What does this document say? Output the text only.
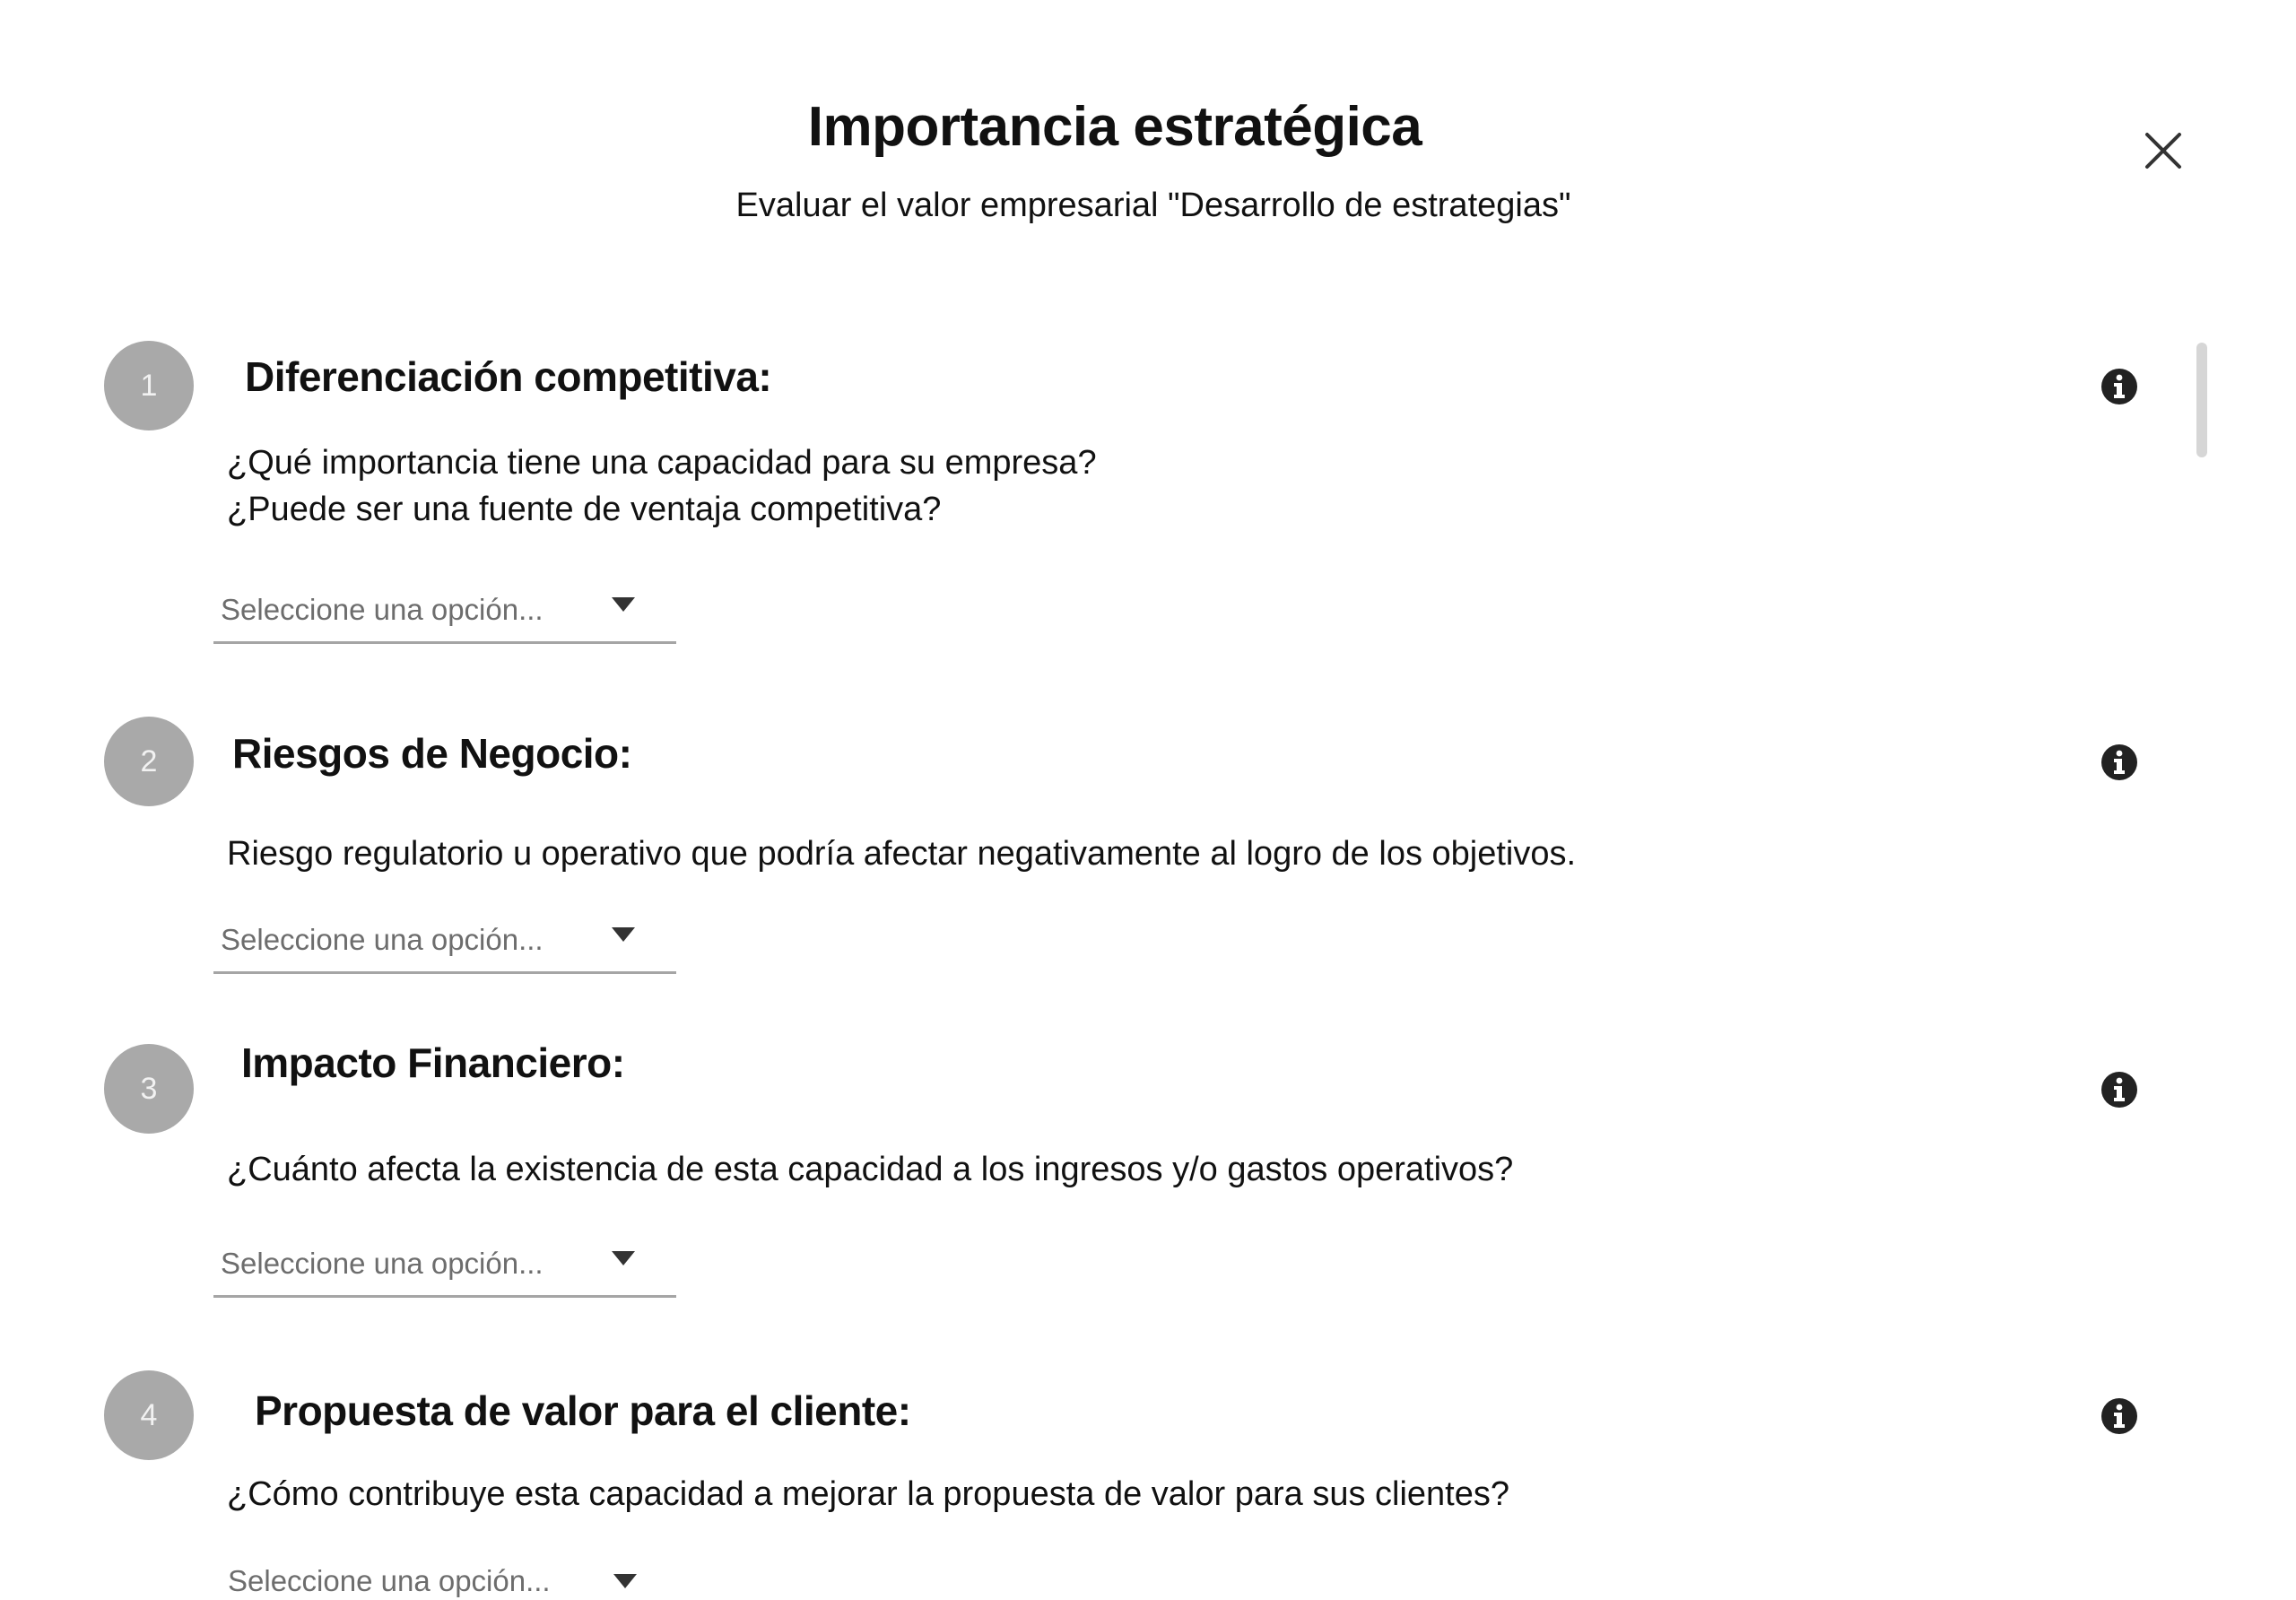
Importancia estratégica

Evaluar el valor empresarial "Desarrollo de estrategias"

1	Diferenciación competitiva:

¿Qué importancia tiene una capacidad para su empresa?

¿Puede ser una fuente de ventaja competitiva?

Seleccione una opción...
2	Riesgos de Negocio:

Riesgo regulatorio u operativo que podría afectar negativamente al logro de los objetivos.

Seleccione una opción...
3
Impacto Financiero:

¿Cuánto afecta la existencia de esta capacidad a los ingresos y/o gastos operativos?

Seleccione una opción...
4	Propuesta de valor para el cliente:

¿Cómo contribuye esta capacidad a mejorar la propuesta de valor para sus clientes?

Seleccione una opción...
